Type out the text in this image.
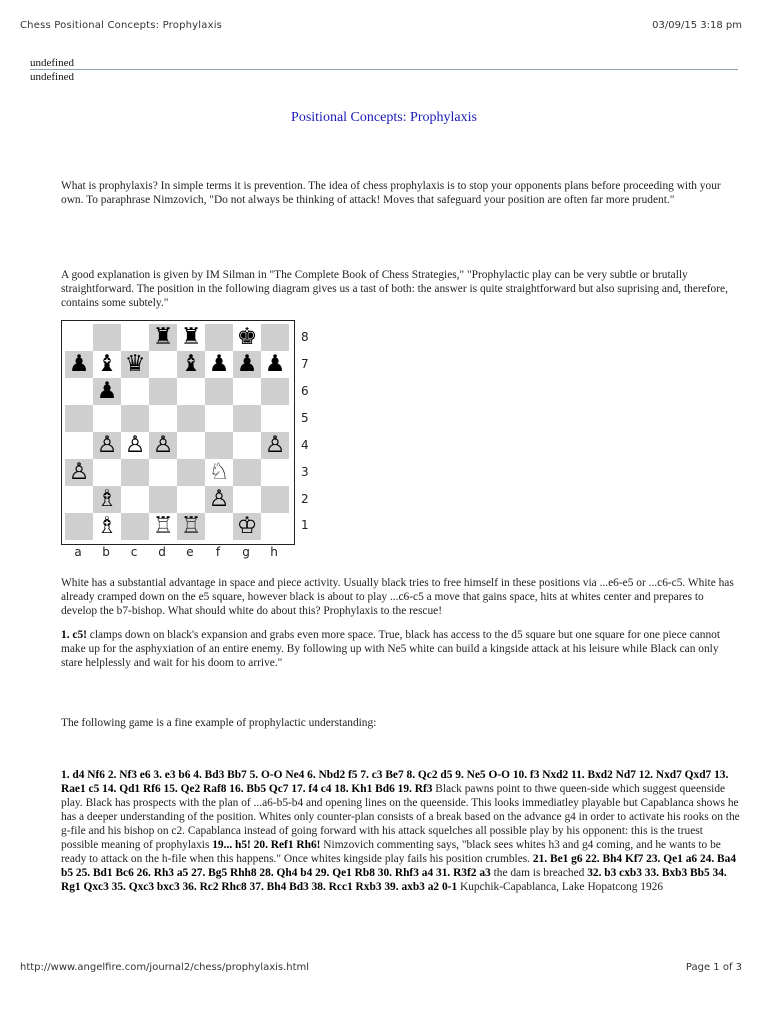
Chess Positional Concepts: Prophylaxis	03/09/15 3:18 pm
undefined
undefined
Positional Concepts: Prophylaxis

What is prophylaxis? In simple terms it is prevention. The idea of chess prophylaxis is to stop your opponents plans before proceeding with your own. To paraphrase Nimzovich, "Do not always be thinking of attack! Moves that safeguard your position are often far more prudent."

A good explanation is given by IM Silman in "The Complete Book of Chess Strategies," "Prophylactic play can be very subtle or brutally straightforward. The position in the following diagram gives us a tast of both: the answer is quite straightforward but also suprising and, therefore, contains some subtely."

♜ ♜ ♚
♟ ♝ ♛ ♝ ♟ ♟ ♟
♟
♙ ♙ ♙	♙
♙	♘
♗	♙
♗ ♖ ♖ ♔
8
7
6
5
4
3
2
1
a b	c	d e	f	g h

White has a substantial advantage in space and piece activity. Usually black tries to free himself in these positions via ...e6-e5 or ...c6-c5. White has already cramped down on the e5 square, however black is about to play ...c6-c5 a move that gains space, hits at whites center and prepares to develop the b7-bishop. What should white do about this? Prophylaxis to the rescue!

1. c5! clamps down on black's expansion and grabs even more space. True, black has access to the d5 square but one square for one piece cannot make up for the asphyxiation of an entire enemy. By following up with Ne5 white can build a kingside attack at his leisure while Black can only stare helplessly and wait for his doom to arrive."

The following game is a fine example of prophylactic understanding:

1. d4 Nf6 2. Nf3 e6 3. e3 b6 4. Bd3 Bb7 5. O-O Ne4 6. Nbd2 f5 7. c3 Be7 8. Qc2 d5 9. Ne5 O-O 10. f3 Nxd2 11. Bxd2 Nd7 12. Nxd7 Qxd7 13. Rae1 c5 14. Qd1 Rf6 15. Qe2 Raf8 16. Bb5 Qc7 17. f4 c4 18. Kh1 Bd6 19. Rf3 Black pawns point to thwe queen-side which suggest queenside play. Black has prospects with the plan of ...a6-b5-b4 and opening lines on the queenside. This looks immediatley playable but Capablanca shows he has a deeper understanding of the position. Whites only counter-plan consists of a break based on the advance g4 in order to activate his rooks on the g-file and his bishop on c2. Capablanca instead of going forward with his attack squelches all possible play by his opponent: this is the truest possible meaning of prophylaxis 19... h5! 20. Ref1 Rh6! Nimzovich commenting says, "black sees whites h3 and g4 coming, and he wants to be ready to attack on the h-file when this happens." Once whites kingside play fails his position crumbles. 21. Be1 g6 22. Bh4 Kf7 23. Qe1 a6 24. Ba4 b5 25. Bd1 Bc6 26. Rh3 a5 27. Bg5 Rhh8 28. Qh4 b4 29. Qe1 Rb8 30. Rhf3 a4 31. R3f2 a3 the dam is breached 32. b3 cxb3 33. Bxb3 Bb5 34. Rg1 Qxc3 35. Qxc3 bxc3 36. Rc2 Rhc8 37. Bh4 Bd3 38. Rcc1 Rxb3 39. axb3 a2 0-1 Kupchik-Capablanca, Lake Hopatcong 1926

http://www.angelfire.com/journal2/chess/prophylaxis.html	Page 1 of 3
